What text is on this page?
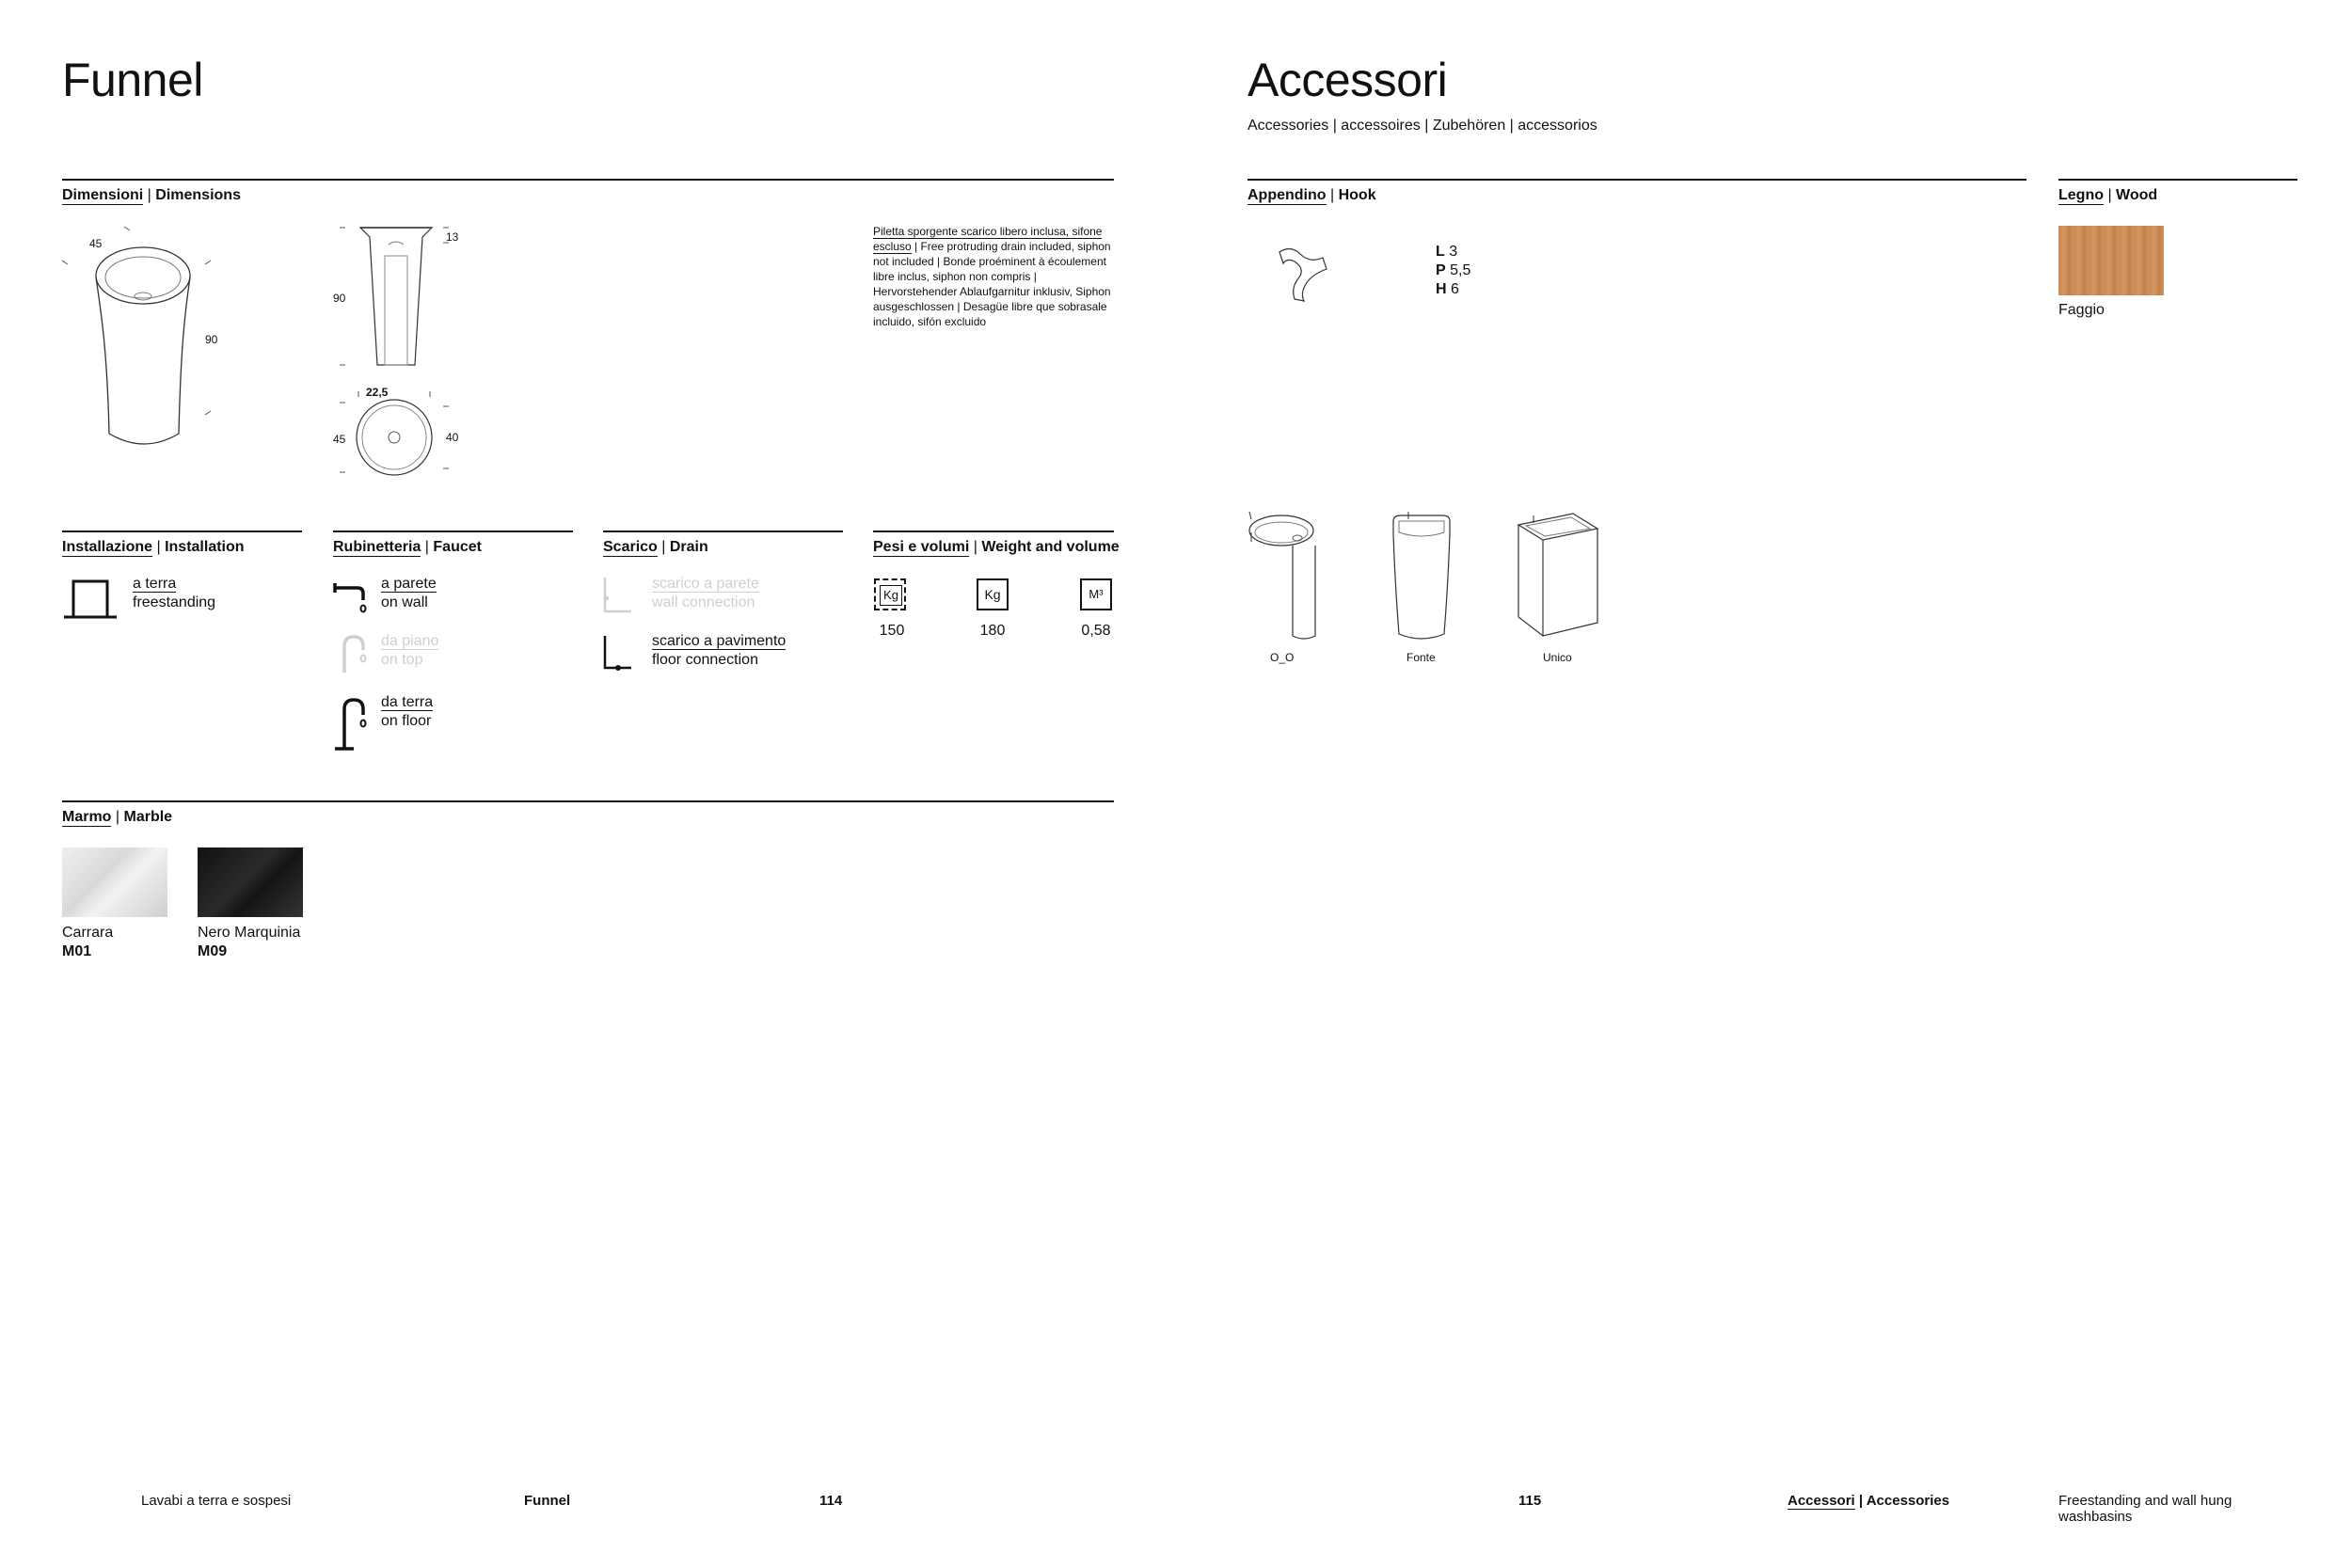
Funnel
Dimensioni | Dimensions
45
90
13
90
22,5
45	40
Piletta sporgente scarico libero inclusa, sifone escluso | Free protruding drain included, siphon not included | Bonde proéminent à écoulement libre inclus, siphon non compris | Hervorstehender Ablaufgarnitur inklusiv, Siphon ausgeschlossen | Desagüe libre que sobrasale incluido, sifón excluido
Installazione | Installation
a terra
freestanding
Rubinetteria | Faucet
a parete
on wall
da piano
on top
da terra
on floor
Scarico | Drain
scarico a parete
wall connection
scarico a pavimento
floor connection
Pesi e volumi | Weight and volume
Kg
150
Kg
180
M³
0,58
Marmo | Marble
Carrara
M01
Nero Marquinia
M09
Lavabi a terra e sospesi	Funnel	114
Accessori
Accessories | accessoires | Zubehören | accessorios
Appendino | Hook
L 3
P 5,5
H 6
Legno | Wood
Faggio
O_O	Fonte	Unico
115	Accessori | Accessories	Freestanding and wall hung washbasins
